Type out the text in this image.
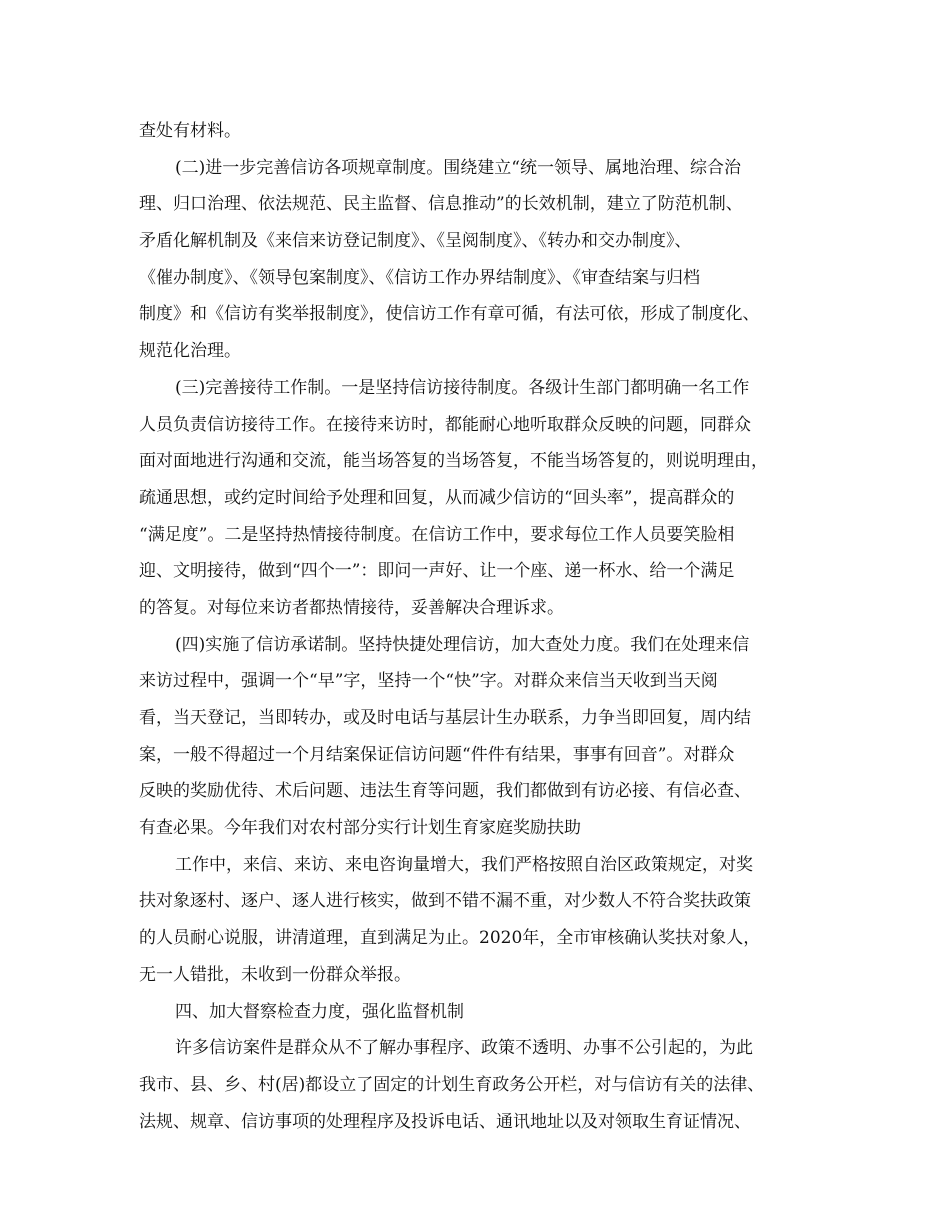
查处有材料。
(二)进一步完善信访各项规章制度。围绕建立“统一领导、属地治理、综合治
理、归口治理、依法规范、民主监督、信息推动”的长效机制，建立了防范机制、
矛盾化解机制及《来信来访登记制度》、《呈阅制度》、《转办和交办制度》、
《催办制度》、《领导包案制度》、《信访工作办界结制度》、《审查结案与归档
制度》和《信访有奖举报制度》，使信访工作有章可循，有法可依，形成了制度化、
规范化治理。
(三)完善接待工作制。一是坚持信访接待制度。各级计生部门都明确一名工作
人员负责信访接待工作。在接待来访时，都能耐心地听取群众反映的问题，同群众
面对面地进行沟通和交流，能当场答复的当场答复，不能当场答复的，则说明理由，
疏通思想，或约定时间给予处理和回复，从而减少信访的“回头率”，提高群众的
“满足度”。二是坚持热情接待制度。在信访工作中，要求每位工作人员要笑脸相
迎、文明接待，做到“四个一”：即问一声好、让一个座、递一杯水、给一个满足
的答复。对每位来访者都热情接待，妥善解决合理诉求。
(四)实施了信访承诺制。坚持快捷处理信访，加大查处力度。我们在处理来信
来访过程中，强调一个“早”字，坚持一个“快”字。对群众来信当天收到当天阅
看，当天登记，当即转办，或及时电话与基层计生办联系，力争当即回复，周内结
案，一般不得超过一个月结案保证信访问题“件件有结果，事事有回音”。对群众
反映的奖励优待、术后问题、违法生育等问题，我们都做到有访必接、有信必查、
有查必果。今年我们对农村部分实行计划生育家庭奖励扶助
工作中，来信、来访、来电咨询量增大，我们严格按照自治区政策规定，对奖
扶对象逐村、逐户、逐人进行核实，做到不错不漏不重，对少数人不符合奖扶政策
的人员耐心说服，讲清道理，直到满足为止。2020年，全市审核确认奖扶对象人，
无一人错批，未收到一份群众举报。
四、加大督察检查力度，强化监督机制
许多信访案件是群众从不了解办事程序、政策不透明、办事不公引起的，为此
我市、县、乡、村(居)都设立了固定的计划生育政务公开栏，对与信访有关的法律、
法规、规章、信访事项的处理程序及投诉电话、通讯地址以及对领取生育证情况、
